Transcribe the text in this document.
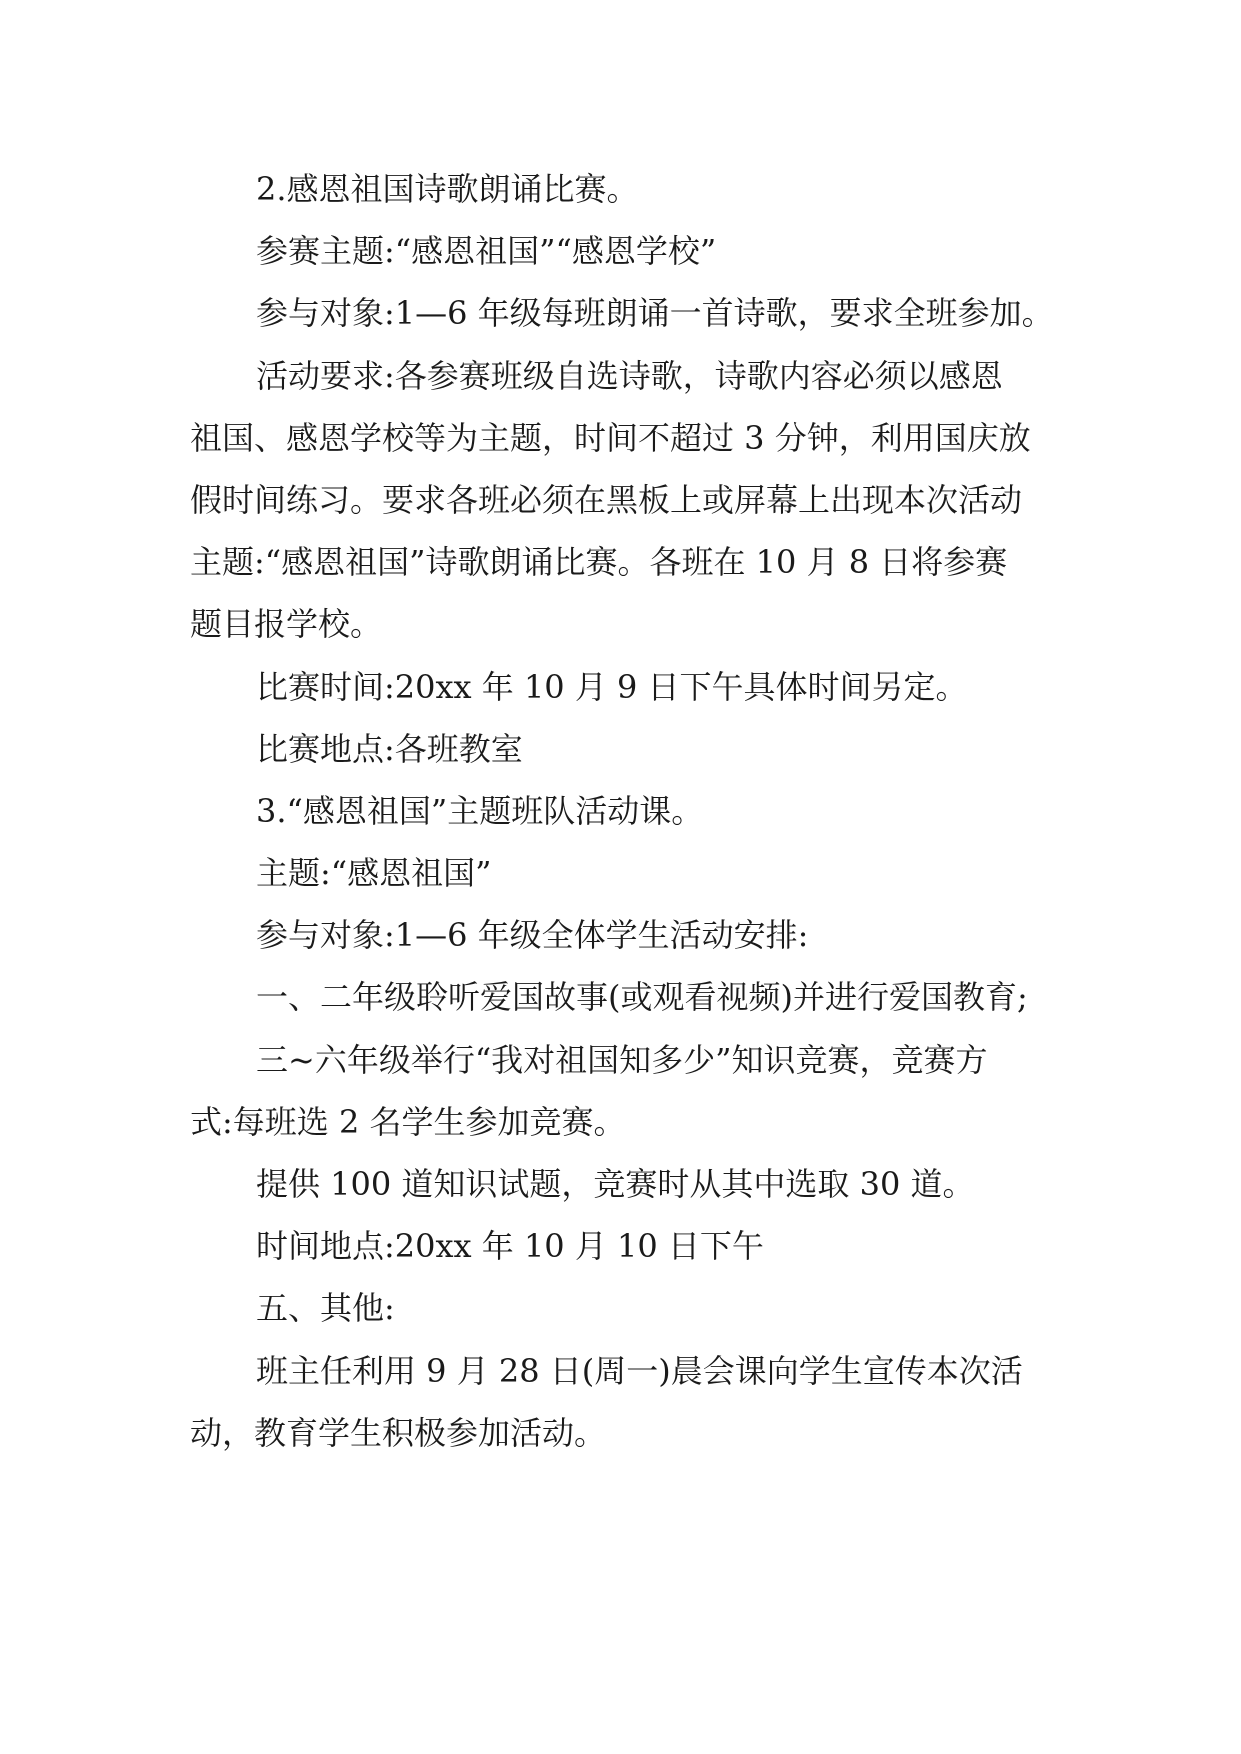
2.感恩祖国诗歌朗诵比赛。

参赛主题:“感恩祖国”“感恩学校”

参与对象:1—6 年级每班朗诵一首诗歌，要求全班参加。

活动要求:各参赛班级自选诗歌，诗歌内容必须以感恩

祖国、感恩学校等为主题，时间不超过 3 分钟，利用国庆放

假时间练习。要求各班必须在黑板上或屏幕上出现本次活动

主题:“感恩祖国”诗歌朗诵比赛。各班在 10 月 8 日将参赛

题目报学校。

比赛时间:20xx 年 10 月 9 日下午具体时间另定。

比赛地点:各班教室

3.“感恩祖国”主题班队活动课。

主题:“感恩祖国”

参与对象:1—6 年级全体学生活动安排:

一、二年级聆听爱国故事(或观看视频)并进行爱国教育;

三~六年级举行“我对祖国知多少”知识竞赛，竞赛方

式:每班选 2 名学生参加竞赛。

提供 100 道知识试题，竞赛时从其中选取 30 道。

时间地点:20xx 年 10 月 10 日下午

五、其他:

班主任利用 9 月 28 日(周一)晨会课向学生宣传本次活

动，教育学生积极参加活动。
